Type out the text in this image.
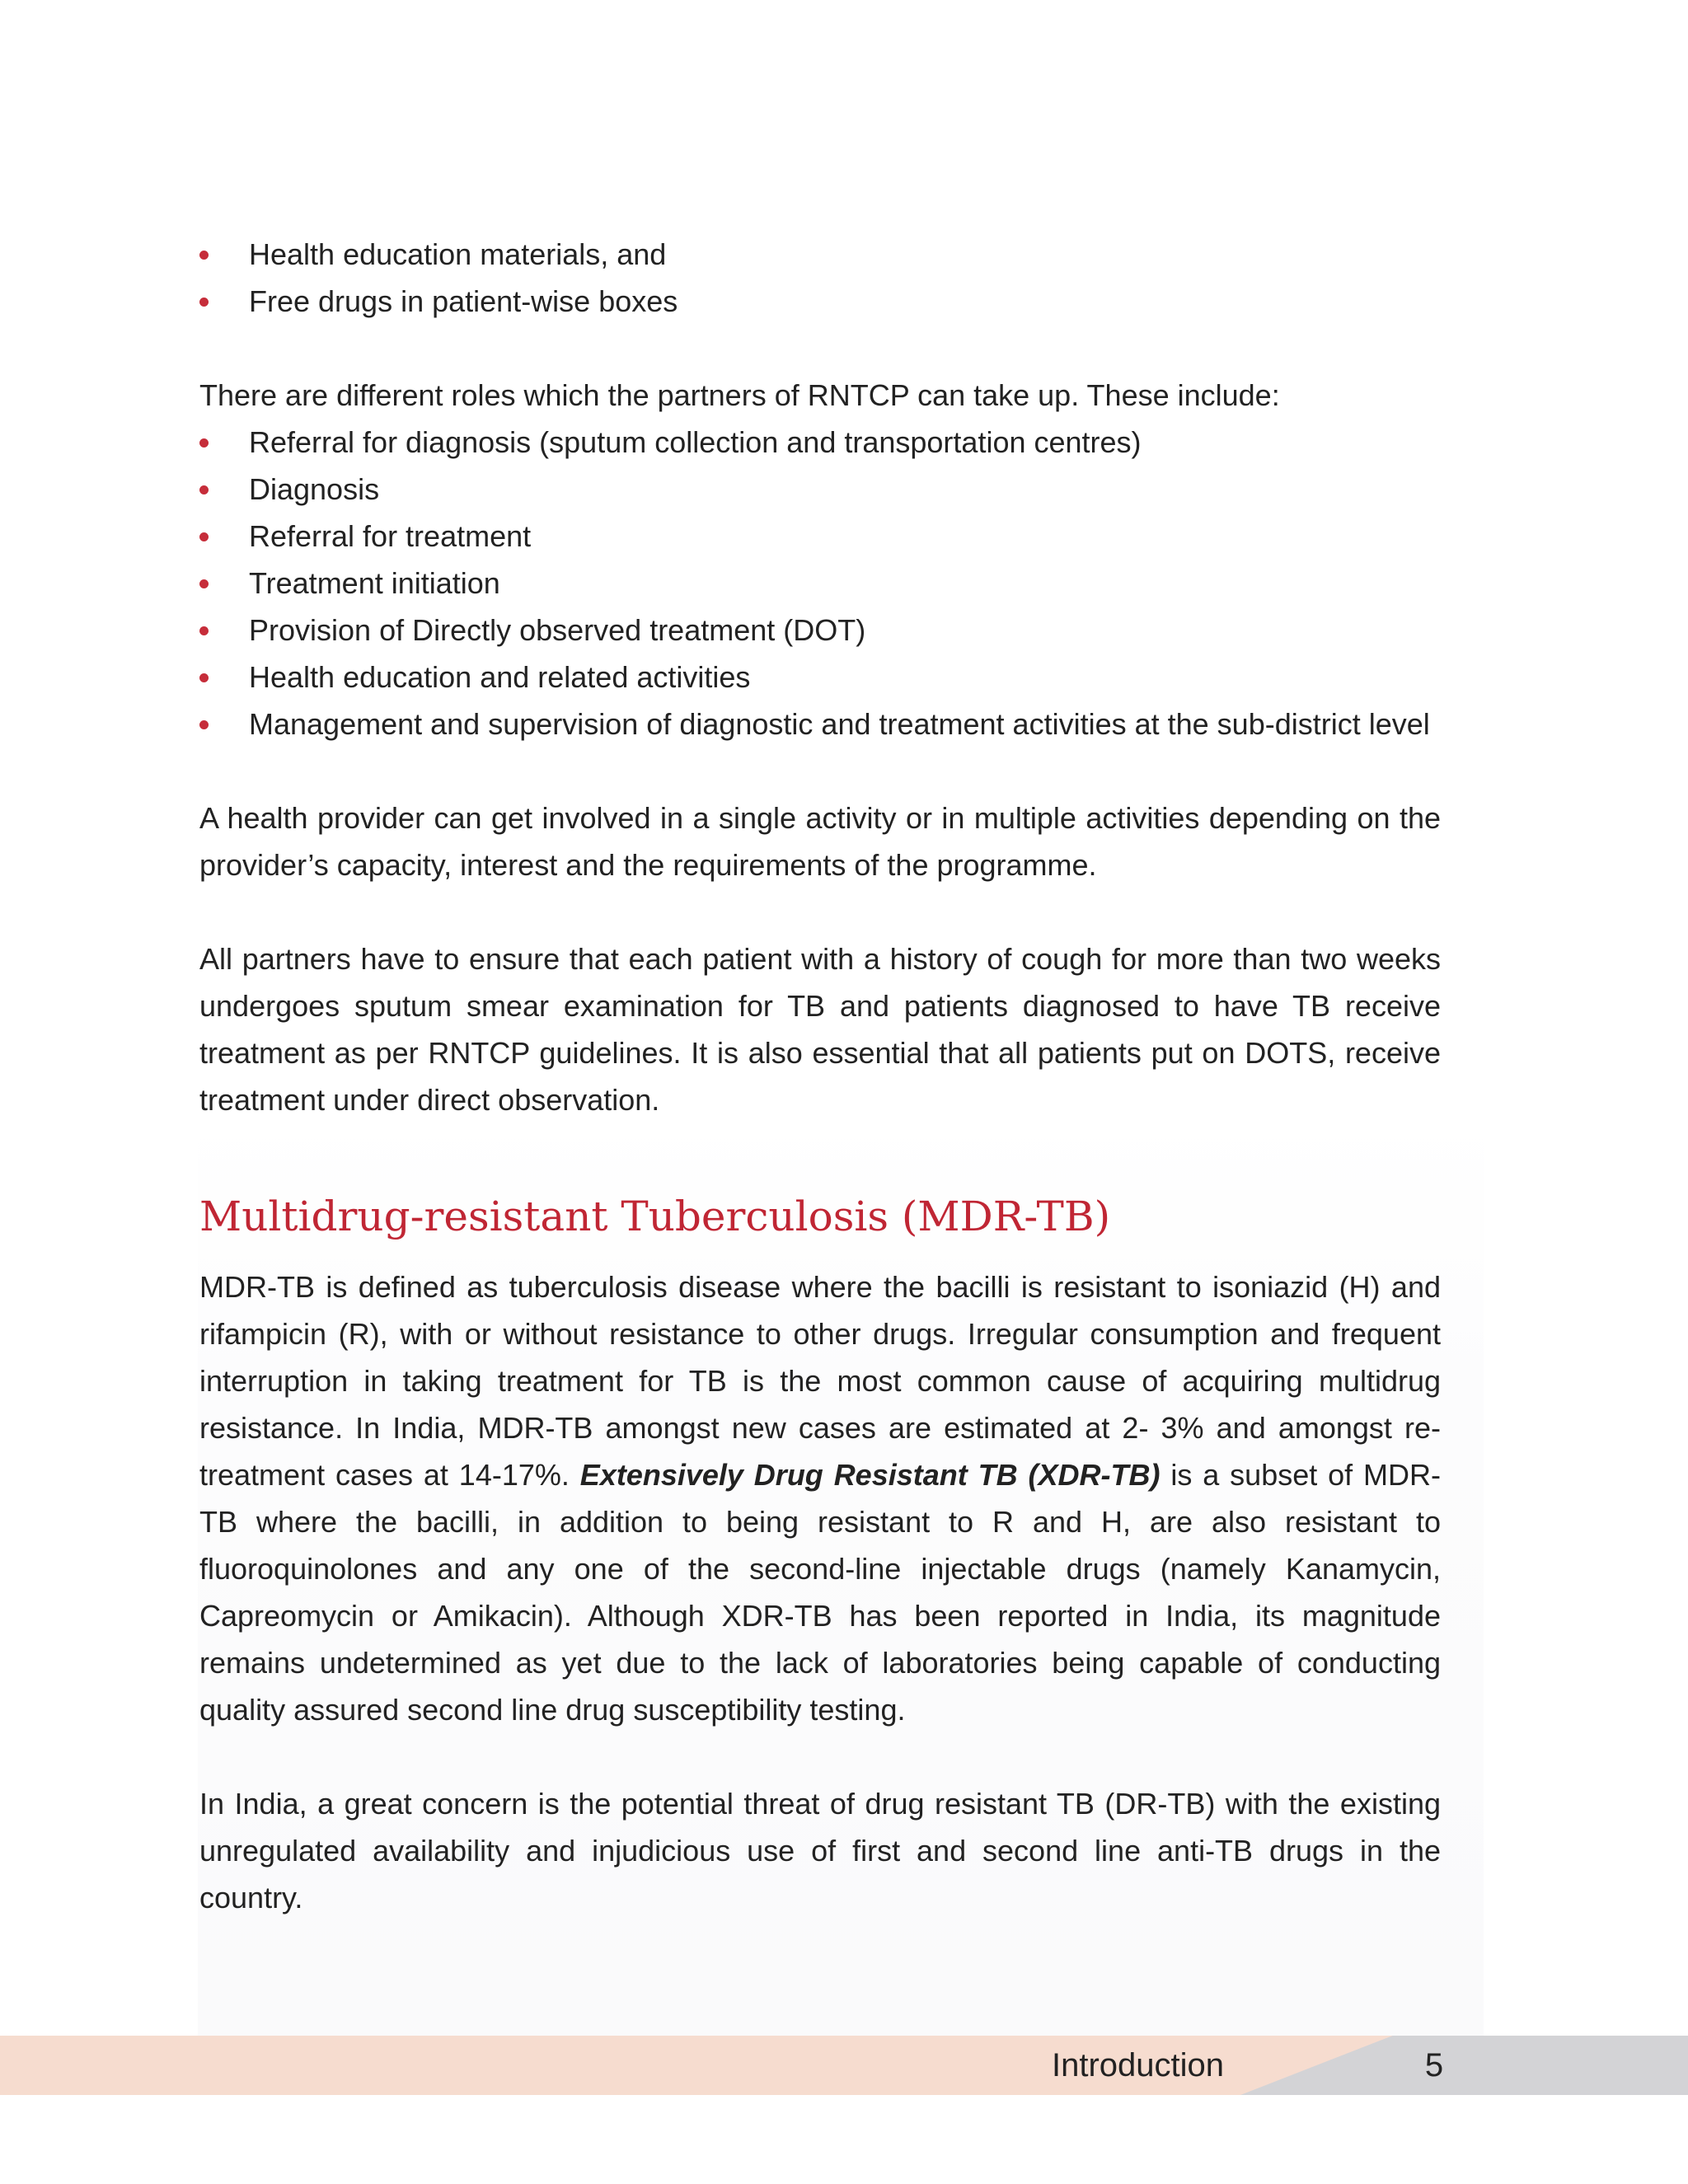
Health education materials, and
Free drugs in patient-wise boxes

There are different roles which the partners of RNTCP can take up. These include:

Referral for diagnosis (sputum collection and transportation centres)
Diagnosis
Referral for treatment
Treatment initiation
Provision of Directly observed treatment (DOT)
Health education and related activities
Management and supervision of diagnostic and treatment activities at the sub-district level

A health provider can get involved in a single activity or in multiple activities depending on the provider’s capacity, interest and the requirements of the programme.

All partners have to ensure that each patient with a history of cough for more than two weeks undergoes sputum smear examination for TB and patients diagnosed to have TB receive treatment as per RNTCP guidelines. It is also essential that all patients put on DOTS, receive treatment under direct observation.

Multidrug-resistant Tuberculosis (MDR-TB)

MDR-TB is defined as tuberculosis disease where the bacilli is resistant to isoniazid (H) and rifampicin (R), with or without resistance to other drugs. Irregular consumption and frequent interruption in taking treatment for TB is the most common cause of acquiring multidrug resistance. In India, MDR-TB amongst new cases are estimated at 2- 3% and amongst re-treatment cases at 14-17%. Extensively Drug Resistant TB (XDR-TB) is a subset of MDR-TB where the bacilli, in addition to being resistant to R and H, are also resistant to fluoroquinolones and any one of the second-line injectable drugs (namely Kanamycin, Capreomycin or Amikacin). Although XDR-TB has been reported in India, its magnitude remains undetermined as yet due to the lack of laboratories being capable of conducting quality assured second line drug susceptibility testing.

In India, a great concern is the potential threat of drug resistant TB (DR-TB) with the existing unregulated availability and injudicious use of first and second line anti-TB drugs in the country.

Introduction	5
